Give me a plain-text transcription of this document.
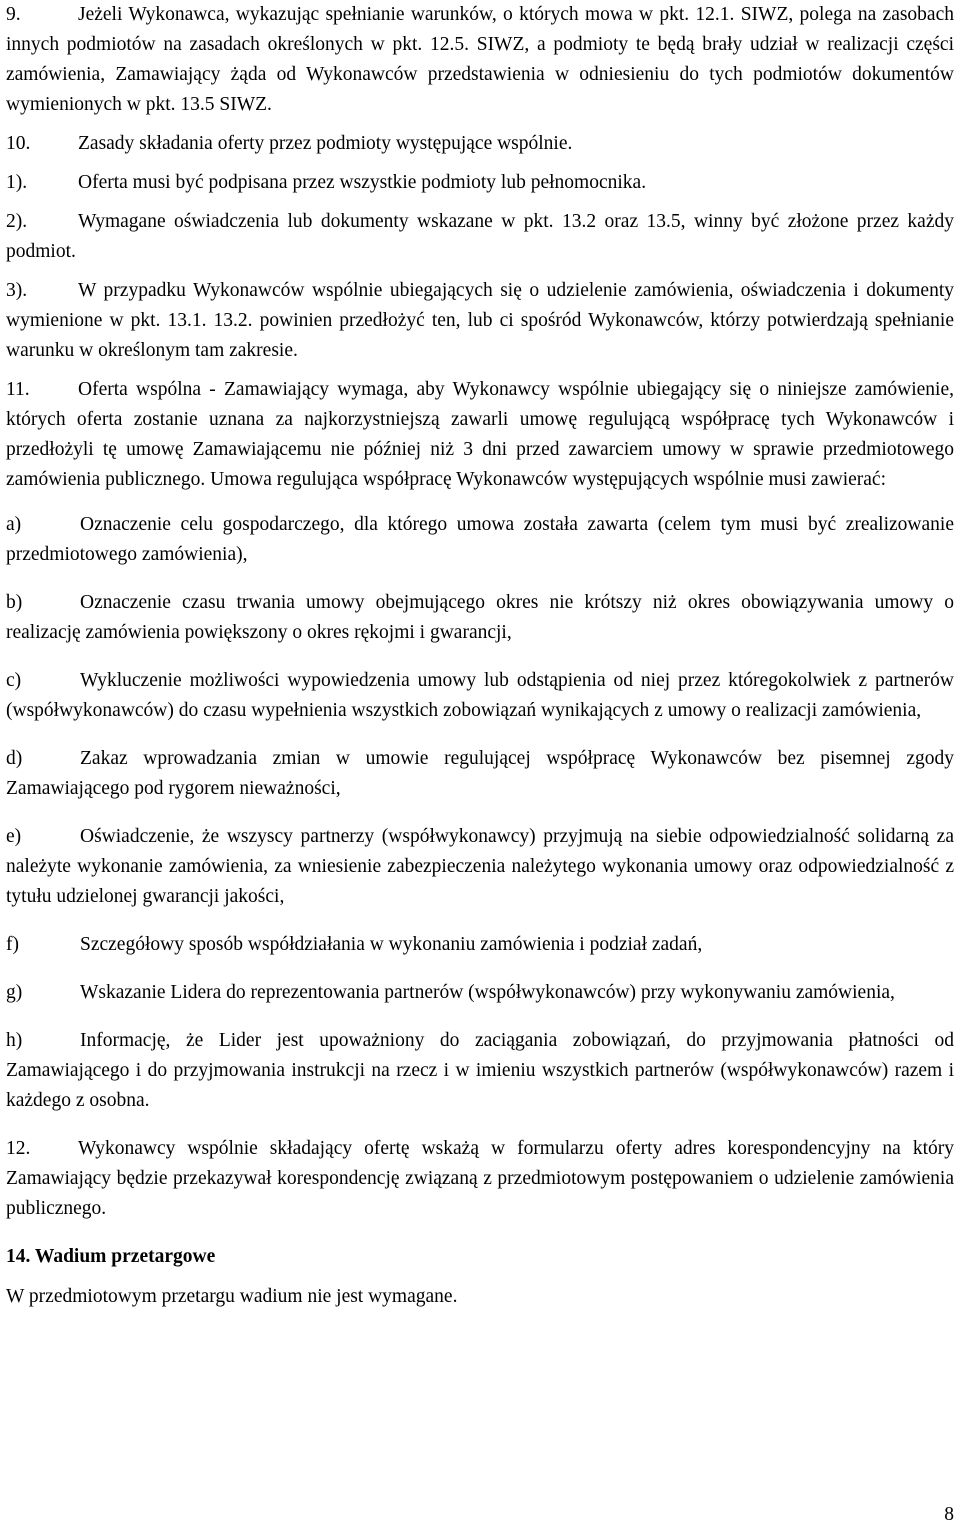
9.	Jeżeli Wykonawca, wykazując spełnianie warunków, o których mowa w pkt. 12.1. SIWZ, polega na zasobach innych podmiotów na zasadach określonych w pkt. 12.5. SIWZ, a podmioty te będą brały udział w realizacji części zamówienia, Zamawiający żąda od Wykonawców przedstawienia w odniesieniu do tych podmiotów dokumentów wymienionych w pkt. 13.5 SIWZ.

10. Zasady składania oferty przez podmioty występujące wspólnie.

1).	Oferta musi być podpisana przez wszystkie podmioty lub pełnomocnika.

2).	Wymagane oświadczenia lub dokumenty wskazane w pkt. 13.2 oraz 13.5, winny być złożone przez każdy podmiot.

3).	W przypadku Wykonawców wspólnie ubiegających się o udzielenie zamówienia, oświadczenia i dokumenty wymienione w pkt. 13.1. 13.2. powinien przedłożyć ten, lub ci spośród Wykonawców, którzy potwierdzają spełnianie warunku w określonym tam zakresie.

11. Oferta wspólna - Zamawiający wymaga, aby Wykonawcy wspólnie ubiegający się o niniejsze zamówienie, których oferta zostanie uznana za najkorzystniejszą zawarli umowę regulującą współpracę tych Wykonawców i przedłożyli tę umowę Zamawiającemu nie później niż 3 dni przed zawarciem umowy w sprawie przedmiotowego zamówienia publicznego. Umowa regulująca współpracę Wykonawców występujących wspólnie musi zawierać:

a)	Oznaczenie celu gospodarczego, dla którego umowa została zawarta (celem tym musi być zrealizowanie przedmiotowego zamówienia),

b)	Oznaczenie czasu trwania umowy obejmującego okres nie krótszy niż okres obowiązywania umowy o realizację zamówienia powiększony o okres rękojmi i gwarancji,

c)	Wykluczenie możliwości wypowiedzenia umowy lub odstąpienia od niej przez któregokolwiek z partnerów (współwykonawców) do czasu wypełnienia wszystkich zobowiązań wynikających z umowy o realizacji zamówienia,

d)	Zakaz wprowadzania zmian w umowie regulującej współpracę Wykonawców bez pisemnej zgody Zamawiającego pod rygorem nieważności,

e)	Oświadczenie, że wszyscy partnerzy (współwykonawcy) przyjmują na siebie odpowiedzialność solidarną za należyte wykonanie zamówienia, za wniesienie zabezpieczenia należytego wykonania umowy oraz odpowiedzialność z tytułu udzielonej gwarancji jakości,

f)	Szczegółowy sposób współdziałania w wykonaniu zamówienia i podział zadań,

g)	Wskazanie Lidera do reprezentowania partnerów (współwykonawców) przy wykonywaniu zamówienia,

h)	Informację, że Lider jest upoważniony do zaciągania zobowiązań, do przyjmowania płatności od Zamawiającego i do przyjmowania instrukcji na rzecz i w imieniu wszystkich partnerów (współwykonawców) razem i każdego z osobna.

12. Wykonawcy wspólnie składający ofertę wskażą w formularzu oferty adres korespondencyjny na który Zamawiający będzie przekazywał korespondencję związaną z przedmiotowym postępowaniem o udzielenie zamówienia publicznego.

14. Wadium przetargowe

W przedmiotowym przetargu wadium nie jest wymagane.

8
